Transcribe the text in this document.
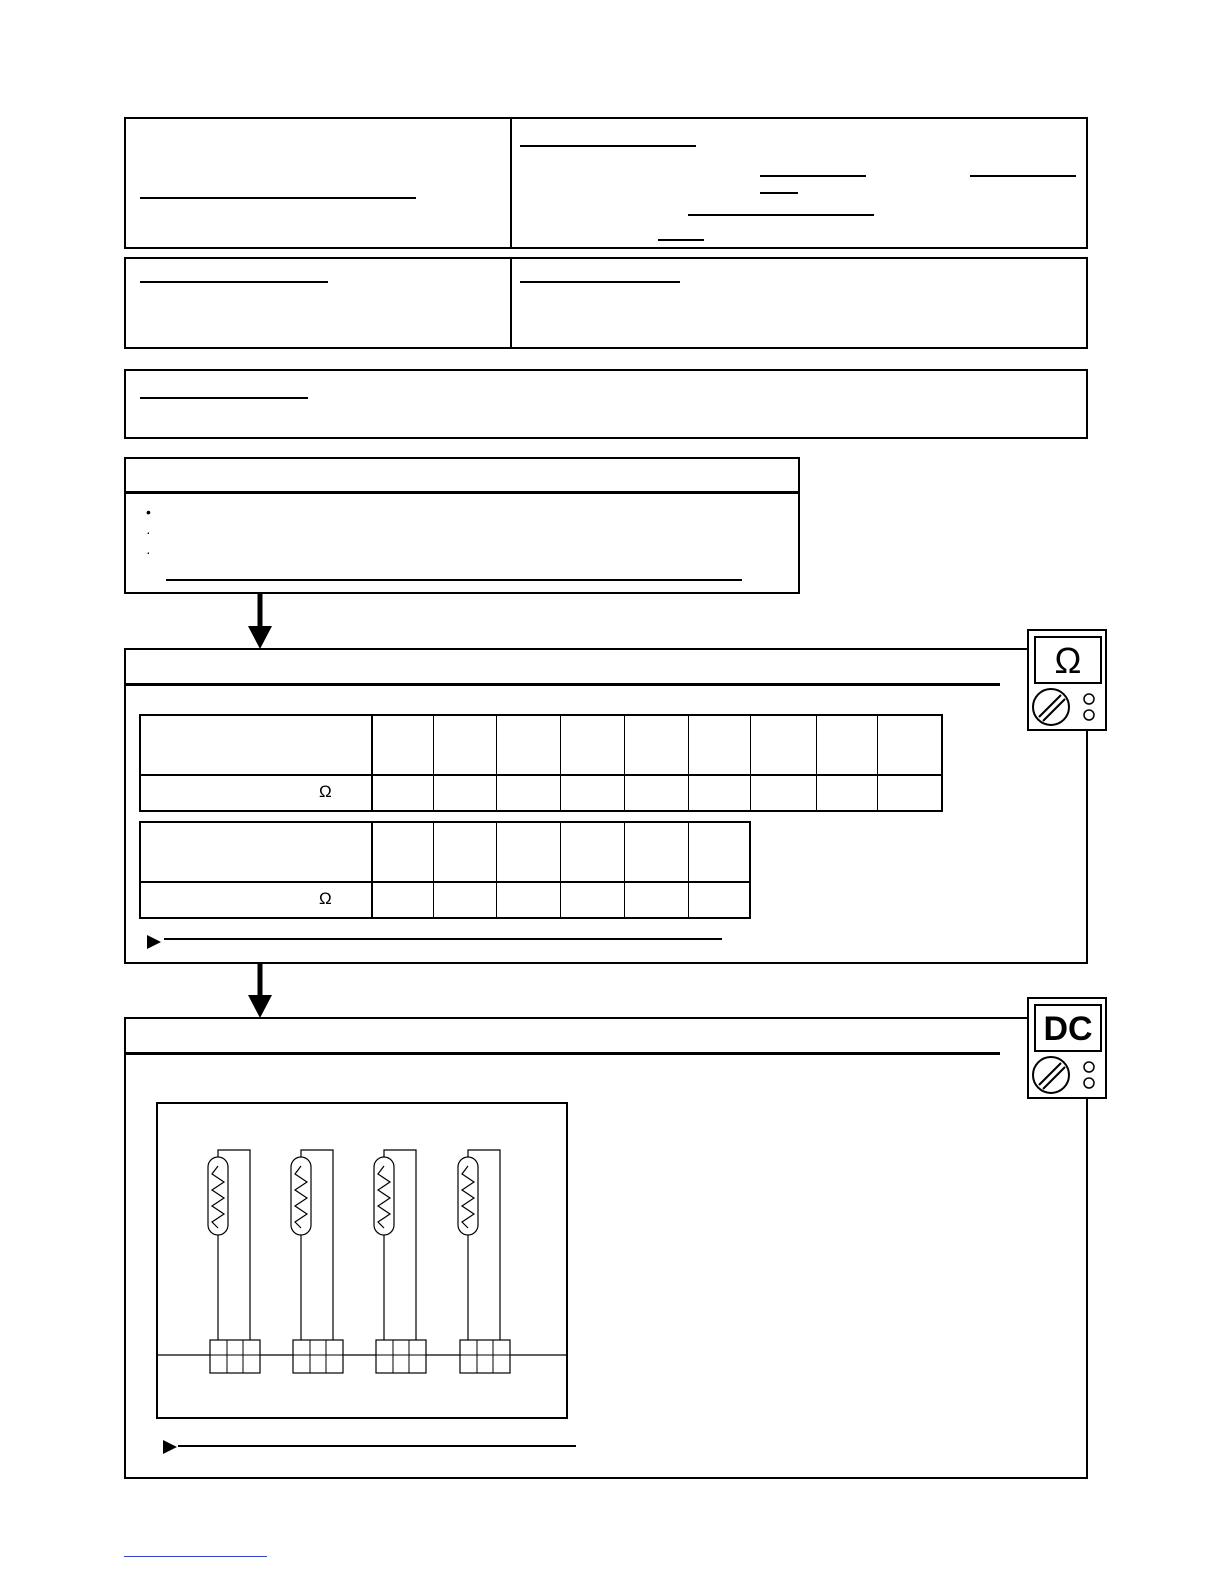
•
·
·
Ω
Ω
Ω
DC
